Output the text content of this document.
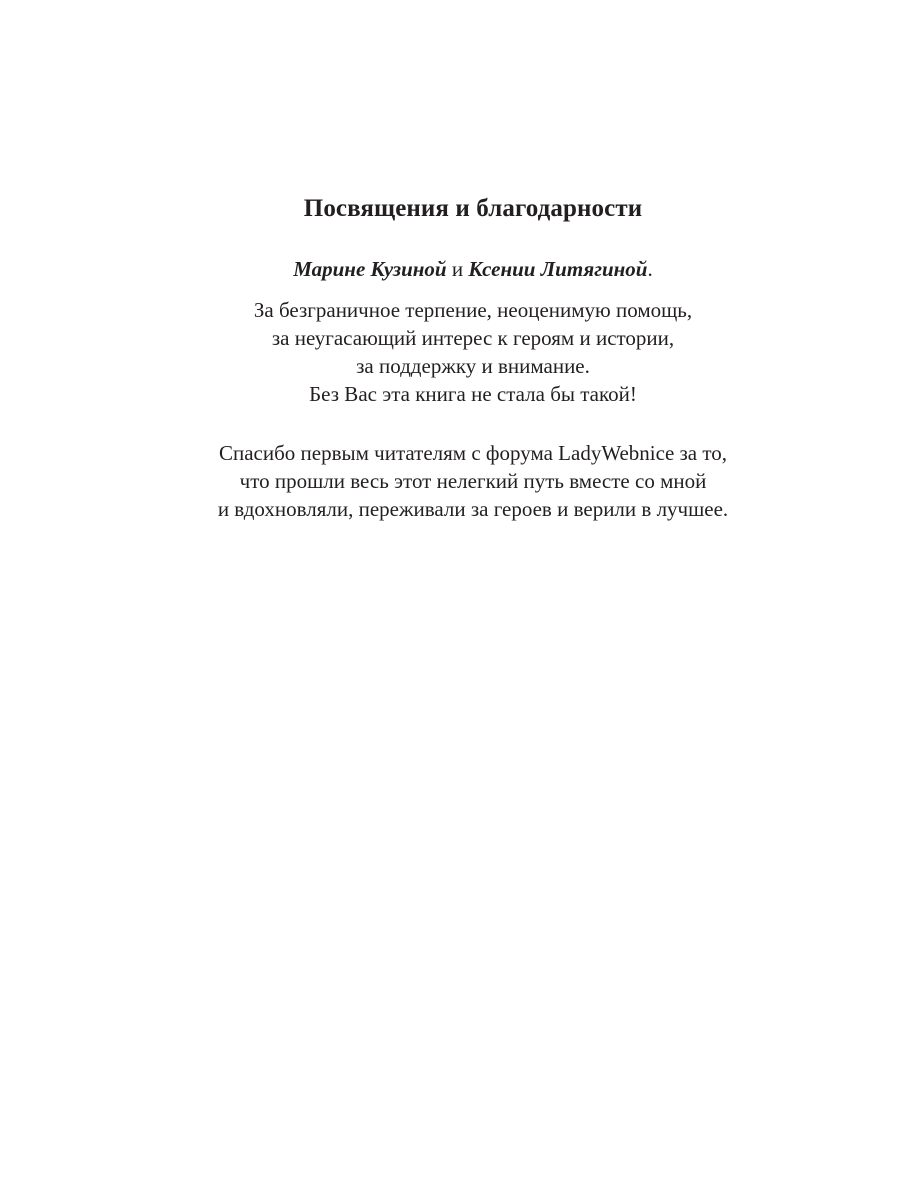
Посвящения и благодарности

Марине Кузиной и Ксении Литягиной.

За безграничное терпение, неоценимую помощь,
за неугасающий интерес к героям и истории,
за поддержку и внимание.
Без Вас эта книга не стала бы такой!

Спасибо первым читателям с форума LadyWebnice за то,
что прошли весь этот нелегкий путь вместе со мной
и вдохновляли, переживали за героев и верили в лучшее.
